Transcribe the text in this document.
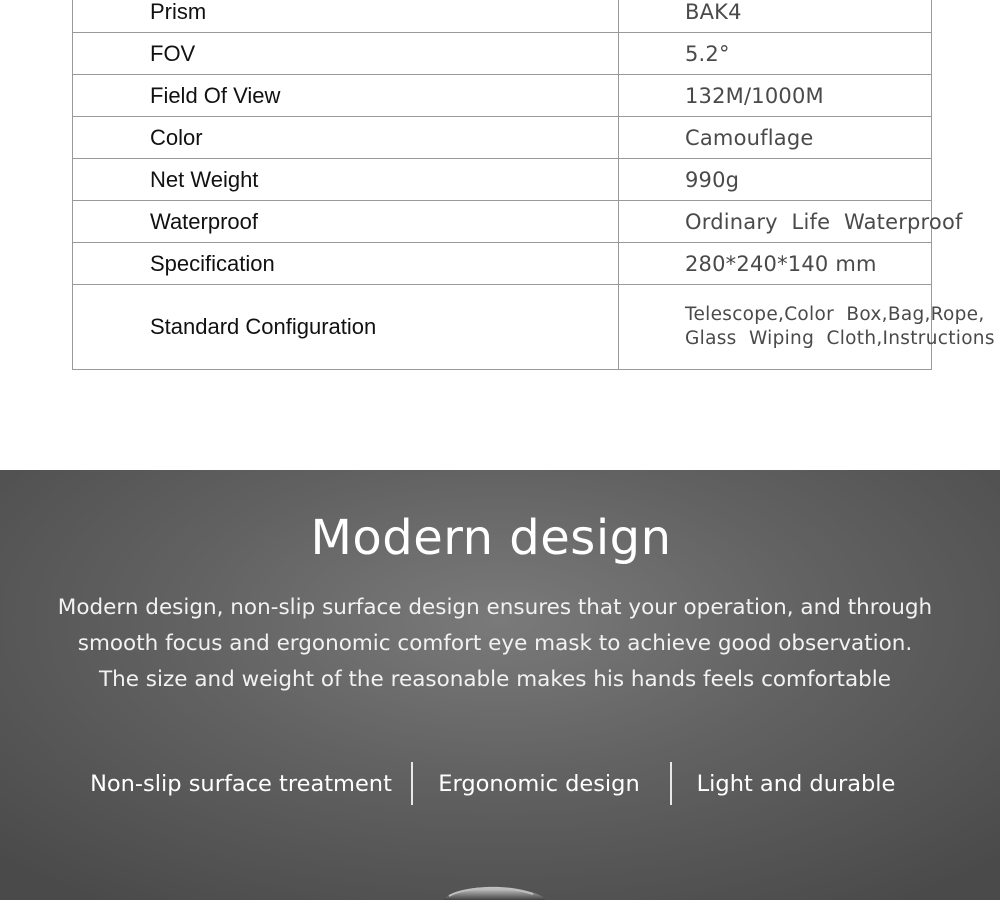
Prism	BAK4
FOV	5.2°
Field Of View	132M/1000M
Color	Camouflage
Net Weight	990g
Waterproof	Ordinary  Life  Waterproof
Specification	280*240*140 mm
Standard Configuration	Telescope,Color  Box,Bag,Rope,
Glass  Wiping  Cloth,Instructions
Modern design
Modern design, non-slip surface design ensures that your operation, and through
smooth focus and ergonomic comfort eye mask to achieve good observation.
The size and weight of the reasonable makes his hands feels comfortable
Non-slip surface treatment	Ergonomic design	Light and durable
